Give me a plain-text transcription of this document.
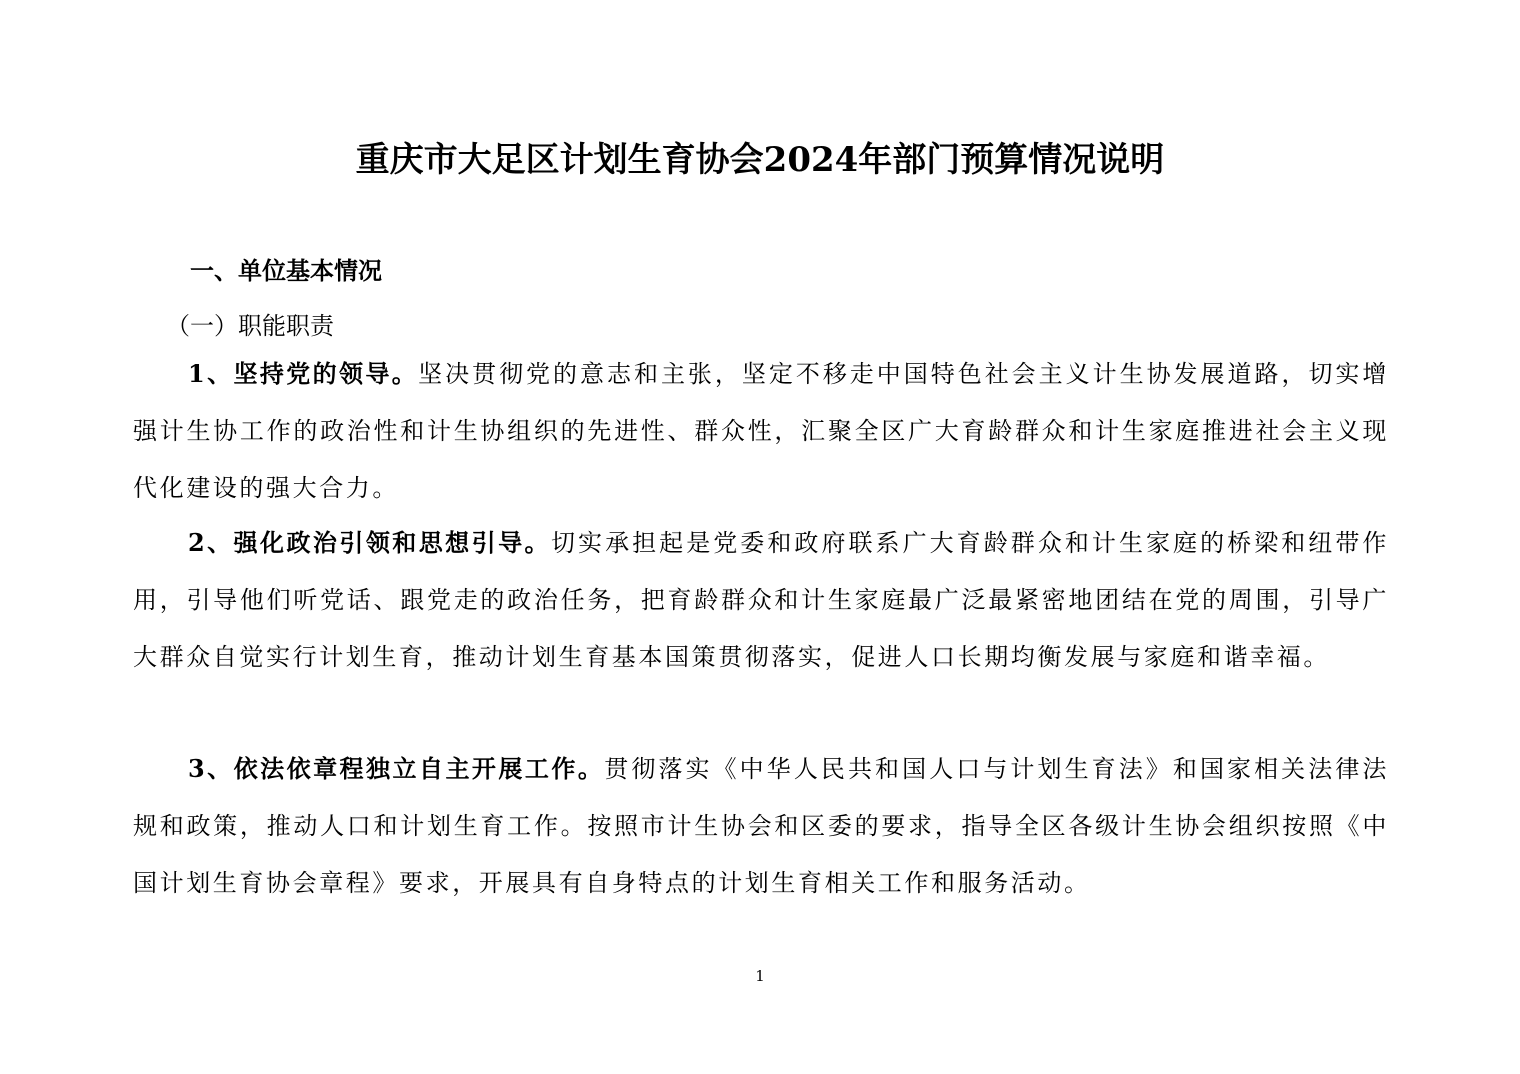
重庆市大足区计划生育协会2024年部门预算情况说明
一、单位基本情况
（一）职能职责

1、坚持党的领导。坚决贯彻党的意志和主张，坚定不移走中国特色社会主义计生协发展道路，切实增强计生协工作的政治性和计生协组织的先进性、群众性，汇聚全区广大育龄群众和计生家庭推进社会主义现代化建设的强大合力。

2、强化政治引领和思想引导。切实承担起是党委和政府联系广大育龄群众和计生家庭的桥梁和纽带作用，引导他们听党话、跟党走的政治任务，把育龄群众和计生家庭最广泛最紧密地团结在党的周围，引导广大群众自觉实行计划生育，推动计划生育基本国策贯彻落实，促进人口长期均衡发展与家庭和谐幸福。

3、依法依章程独立自主开展工作。贯彻落实《中华人民共和国人口与计划生育法》和国家相关法律法规和政策，推动人口和计划生育工作。按照市计生协会和区委的要求，指导全区各级计生协会组织按照《中国计划生育协会章程》要求，开展具有自身特点的计划生育相关工作和服务活动。

1
